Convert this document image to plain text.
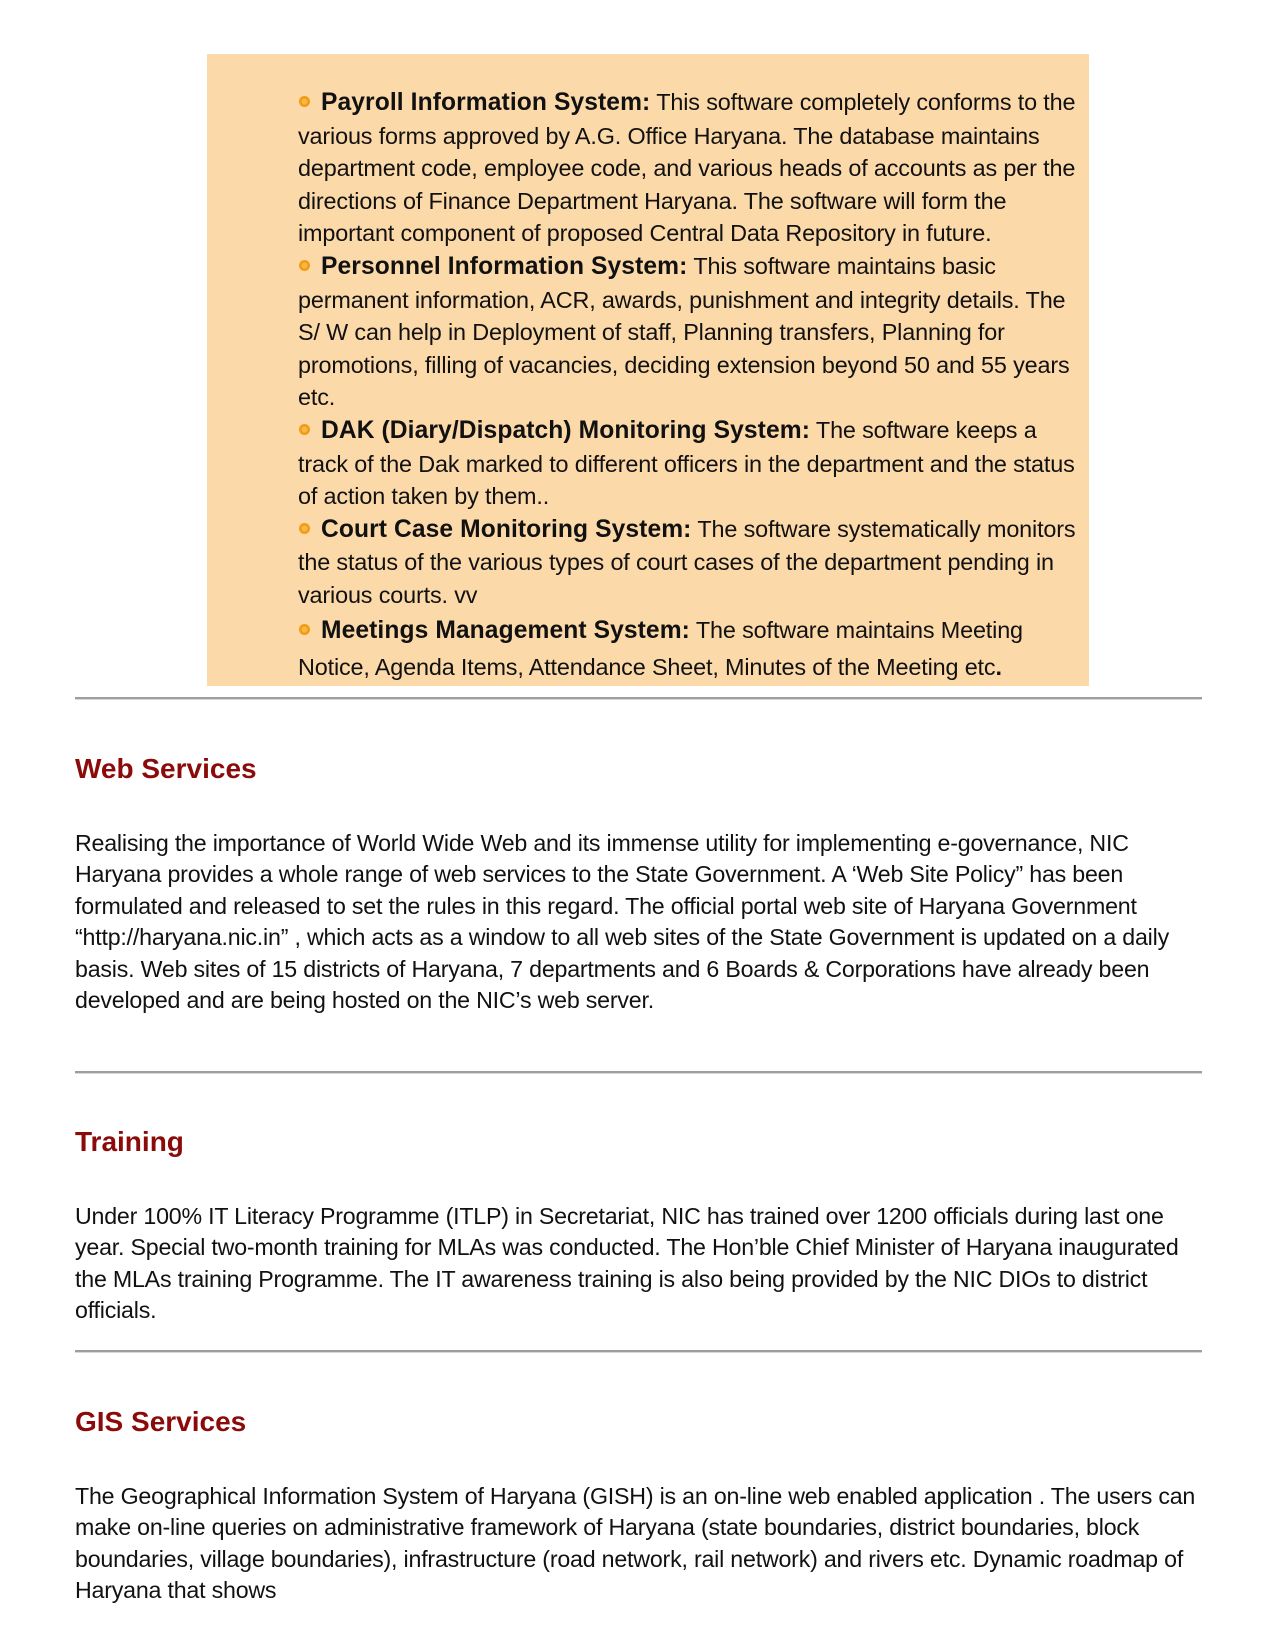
Payroll Information System: This software completely conforms to the various forms approved by A.G. Office Haryana. The database maintains department code, employee code, and various heads of accounts as per the directions of Finance Department Haryana. The software will form the important component of proposed Central Data Repository in future.
Personnel Information System: This software maintains basic permanent information, ACR, awards, punishment and integrity details. The S/ W can help in Deployment of staff, Planning transfers, Planning for promotions, filling of vacancies, deciding extension beyond 50 and 55 years etc.
DAK (Diary/Dispatch) Monitoring System: The software keeps a track of the Dak marked to different officers in the department and the status of action taken by them..
Court Case Monitoring System: The software systematically monitors the status of the various types of court cases of the department pending in various courts. vv
Meetings Management System: The software maintains Meeting Notice, Agenda Items, Attendance Sheet, Minutes of the Meeting etc.
Web Services

Realising the importance of World Wide Web and its immense utility for implementing e-governance, NIC Haryana provides a whole range of web services to the State Government. A ‘Web Site Policy” has been formulated and released to set the rules in this regard. The official portal web site of Haryana Government “http://haryana.nic.in” , which acts as a window to all web sites of the State Government is updated on a daily basis. Web sites of 15 districts of Haryana, 7 departments and 6 Boards & Corporations have already been developed and are being hosted on the NIC’s web server.

Training

Under 100% IT Literacy Programme (ITLP) in Secretariat, NIC has trained over 1200 officials during last one year. Special two-month training for MLAs was conducted. The Hon’ble Chief Minister of Haryana inaugurated the MLAs training Programme. The IT awareness training is also being provided by the NIC DIOs to district officials.

GIS Services

The Geographical Information System of Haryana (GISH) is an on-line web enabled application . The users can make on-line queries on administrative framework of Haryana (state boundaries, district boundaries, block boundaries, village boundaries), infrastructure (road network, rail network) and rivers etc. Dynamic roadmap of Haryana that shows
